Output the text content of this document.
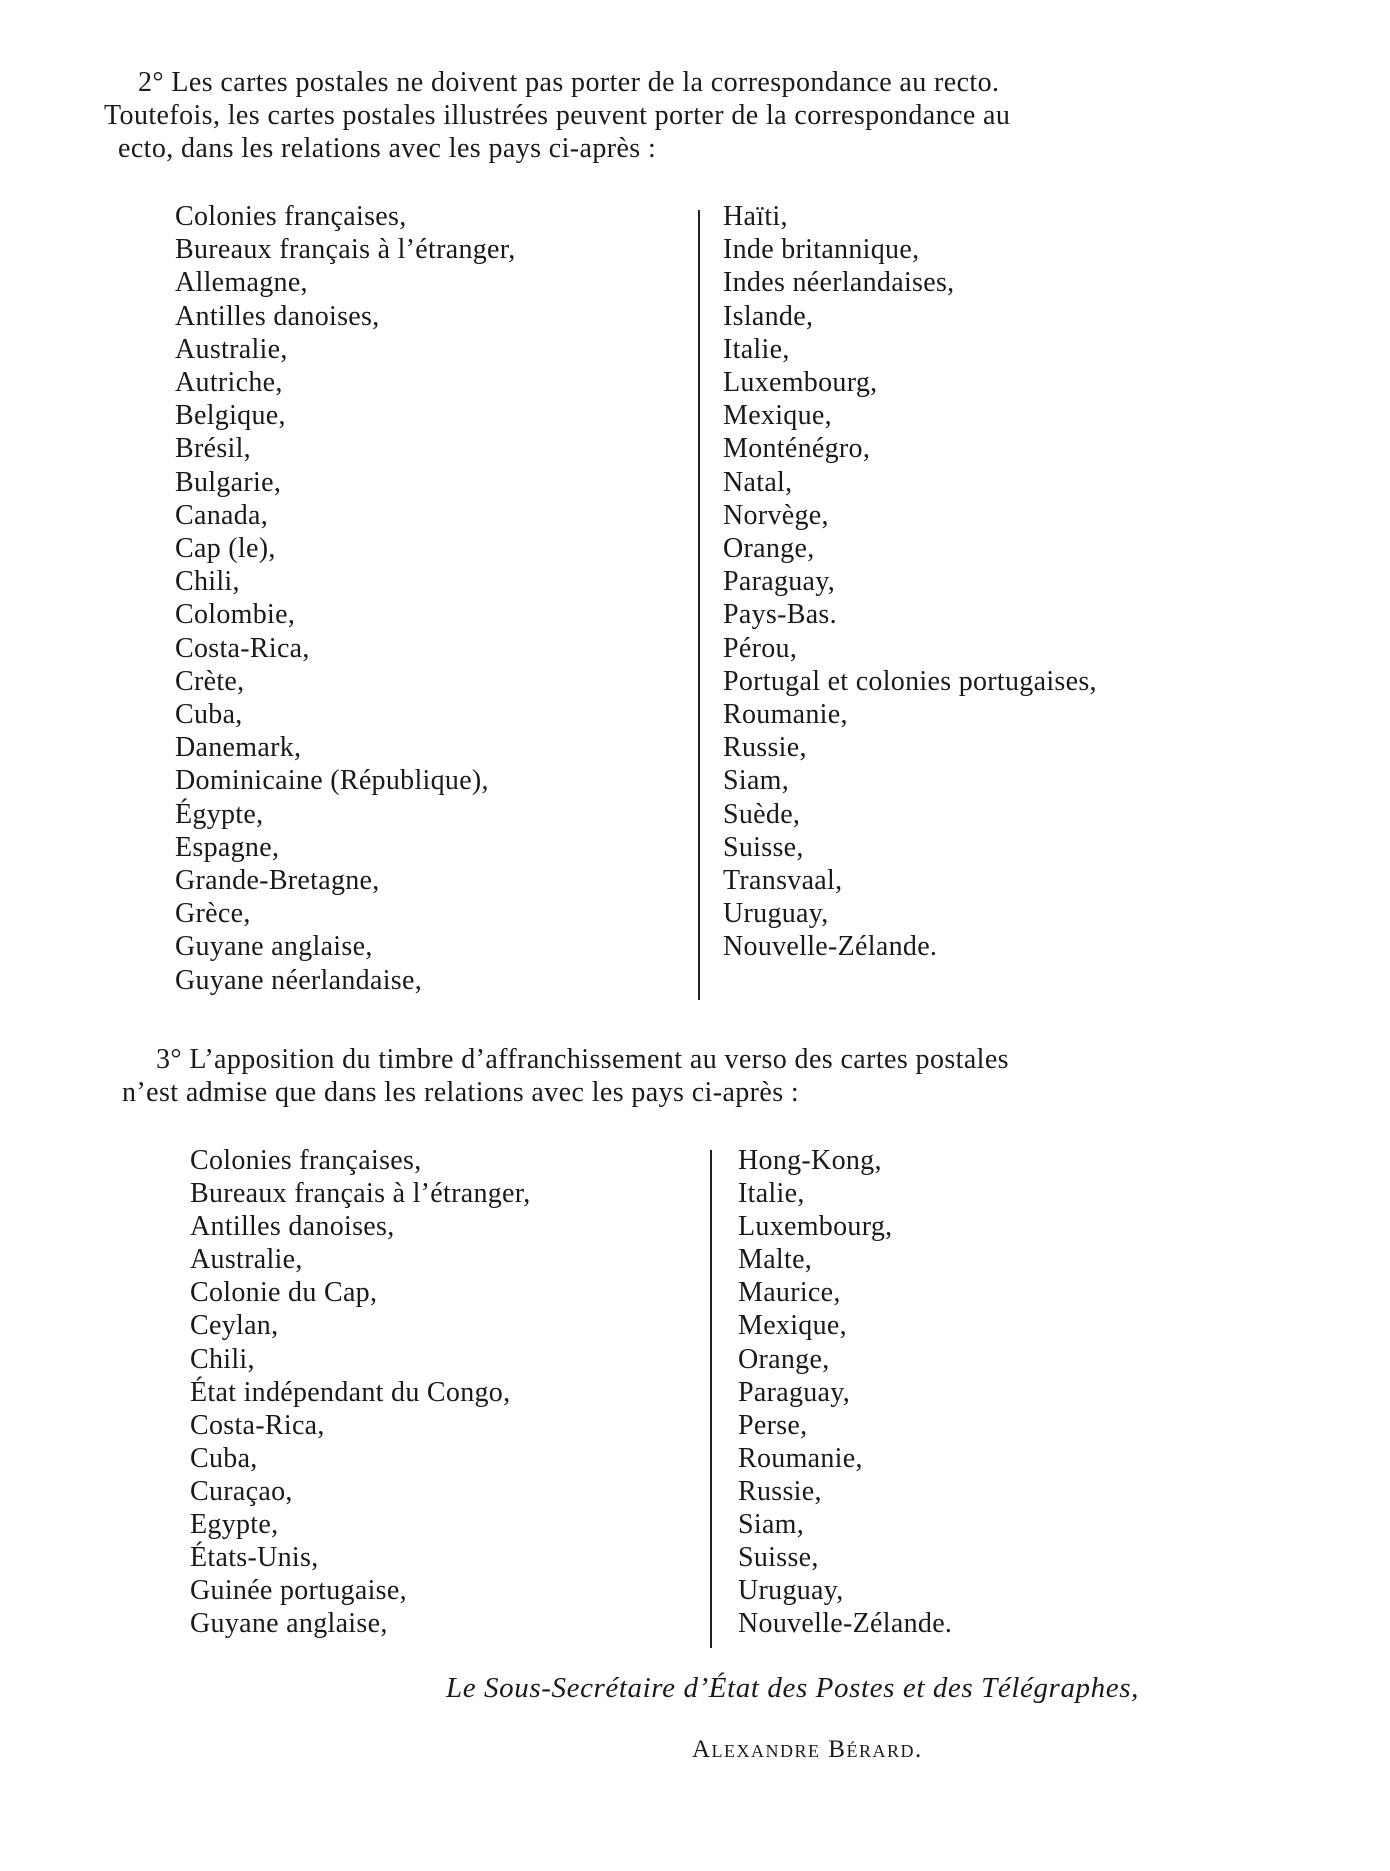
2° Les cartes postales ne doivent pas porter de la correspondance au recto.
Toutefois, les cartes postales illustrées peuvent porter de la correspondance au
ecto, dans les relations avec les pays ci-après :
Colonies françaises,
Bureaux français à l’étranger,
Allemagne,
Antilles danoises,
Australie,
Autriche,
Belgique,
Brésil,
Bulgarie,
Canada,
Cap (le),
Chili,
Colombie,
Costa-Rica,
Crète,
Cuba,
Danemark,
Dominicaine (République),
Égypte,
Espagne,
Grande-Bretagne,
Grèce,
Guyane anglaise,
Guyane néerlandaise,
Haïti,
Inde britannique,
Indes néerlandaises,
Islande,
Italie,
Luxembourg,
Mexique,
Monténégro,
Natal,
Norvège,
Orange,
Paraguay,
Pays-Bas.
Pérou,
Portugal et colonies portugaises,
Roumanie,
Russie,
Siam,
Suède,
Suisse,
Transvaal,
Uruguay,
Nouvelle-Zélande.
3° L’apposition du timbre d’affranchissement au verso des cartes postales
n’est admise que dans les relations avec les pays ci-après :
Colonies françaises,
Bureaux français à l’étranger,
Antilles danoises,
Australie,
Colonie du Cap,
Ceylan,
Chili,
État indépendant du Congo,
Costa-Rica,
Cuba,
Curaçao,
Egypte,
États-Unis,
Guinée portugaise,
Guyane anglaise,
Hong-Kong,
Italie,
Luxembourg,
Malte,
Maurice,
Mexique,
Orange,
Paraguay,
Perse,
Roumanie,
Russie,
Siam,
Suisse,
Uruguay,
Nouvelle-Zélande.
Le Sous-Secrétaire d’État des Postes et des Télégraphes,
Alexandre Bérard.
